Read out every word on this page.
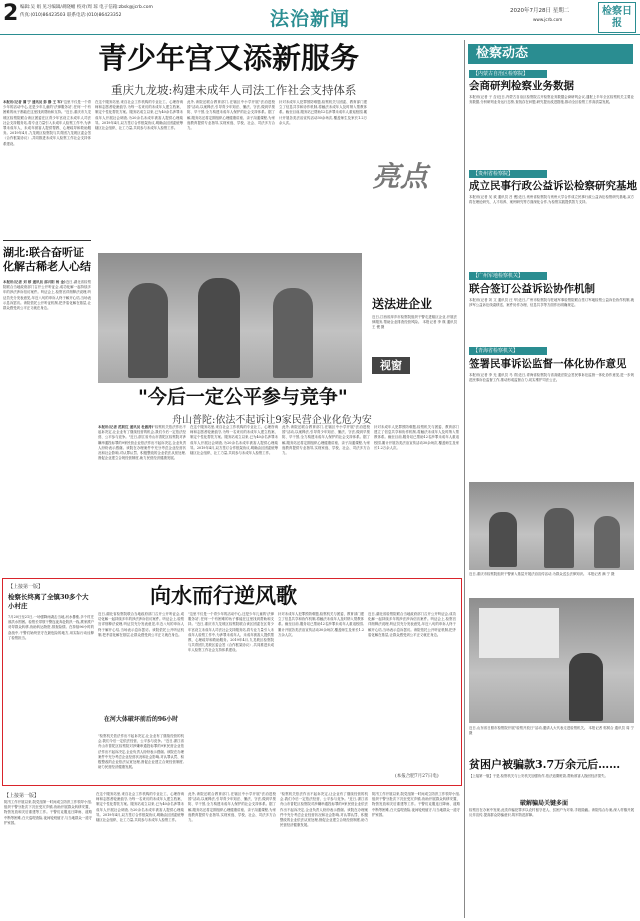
2 编辑:吴 娟 见习编辑/胡晓嵋 校对/周 琼 电子信箱:zbsk@jcrb.com
传真:(010)86423503 联系电话:(010)86423352	法治新闻	2020年7月28日 星期二
www.jcrb.com
检察日报
青少年宫又添新服务
重庆九龙坡:构建未成年人司法工作社会支持体系
本报讯(记者 满 宁 通讯员 彭 静 王 军)"这里不仅是一个青少年的活动中心,还是少年儿童的'法律服务站',任何一个有困难的孩子都能在这里找到帮助和支持。"近日,重庆市九龙坡区检察院联合该区团委在区青少年宫设立未成年人司法社会支持服务站,将专业力量引入未成年人检察工作中,为涉罪未成年人、未成年被害人提供帮教、心理疏导和救助服务。2019年4月,九龙坡区检察院与共青团九龙坡区委会签《合作框架协议》,共同推进未成年人检察工作社会支持体系建设。
在这个服务站里,来自社会工作机构的专业社工、心理咨询师和志愿者轮流值守,为每一名来访的未成年人建立档案、制定个性化帮扶方案。服务站成立以来,已为40余名涉罪未成年人开展社会调查,为20余名未成年被害人提供心理疏导。2019年4月,双方签订合作框架协议,明确由区团委统筹辖区社会组织、社工力量,共同参与未成年人检察工作。
此外,该院还联合教育部门,在辖区中小学开展"法治进校园"活动,以案释法,引导青少年知法、懂法、守法,做到早预防、早干预,全力构建未成年人保护的社会支持体系。据了解,服务站还将定期组织心理健康讲座、亲子沟通课程,为家庭教育提供专业指导,实现家庭、学校、社会、司法多方合力。
针对未成年人犯罪预防难题,检察机关与团委、教育部门建立了信息共享和协作机制,将触法未成年人及时纳入帮教体系。截至目前,服务站已帮助12名涉罪未成年人重返校园,累计开展各类法治宣传活动30余场次,覆盖师生及家长1.2万余人次。
亮点
湖北:联合奋听证化解古稀老人心结
本报讯(记者 刘 婷 通讯员 邵兴阳 杨 金)近日,湖北省检察院联合当地政府部门召开公开听证会,成功化解一起持续多年的涉法涉诉信访案件。听证会上,检察官详细释法说理,听证员充分发表意见,年近八旬的申诉人终于解开心结,当场表示息诉罢访。该院依托公开听证机制,把矛盾化解在基层,让群众感受到公平正义就在身边。	送法进企业
近日,江西省萍乡市检察院组织干警走进辖区企业,开展法律服务,帮助企业排查经营风险。 本报记者 李 瑛 通讯员 王 俊 摄
视窗
"今后一定公平参与竞争"
舟山普陀:依法不起诉让9家民营企业化危为安
本报讯(记者 范跃红 通讯员 杜毅涛)"检察机关依法作出不起诉决定,让企业有了继续经营的机会,我们今后一定依法经营、公平参与竞争。"近日,浙江省舟山市普陀区检察院对涉嫌串通投标罪的9家民营企业依法作出不起诉决定,企业负责人纷纷表示感谢。该院在办理案件中充分考虑企业经营状况和社会影响,对认罪认罚、积极整改的企业依法从宽处理,督促企业建立合规经营制度,助力民营经济健康发展。
在这个服务站里,来自社会工作机构的专业社工、心理咨询师和志愿者轮流值守,为每一名来访的未成年人建立档案、制定个性化帮扶方案。服务站成立以来,已为40余名涉罪未成年人开展社会调查,为20余名未成年被害人提供心理疏导。2019年4月,双方签订合作框架协议,明确由区团委统筹辖区社会组织、社工力量,共同参与未成年人检察工作。
此外,该院还联合教育部门,在辖区中小学开展"法治进校园"活动,以案释法,引导青少年知法、懂法、守法,做到早预防、早干预,全力构建未成年人保护的社会支持体系。据了解,服务站还将定期组织心理健康讲座、亲子沟通课程,为家庭教育提供专业指导,实现家庭、学校、社会、司法多方合力。
针对未成年人犯罪预防难题,检察机关与团委、教育部门建立了信息共享和协作机制,将触法未成年人及时纳入帮教体系。截至目前,服务站已帮助12名涉罪未成年人重返校园,累计开展各类法治宣传活动30余场次,覆盖师生及家长1.2万余人次。
【上接第一版】
检察长终离了全镇30多个大小村庄	向水而行逆风歌
7月20日至21日,一场强降雨袭击当地,河水暴涨,多个村庄被洪水围困。检察长带领干警连夜奔赴防汛一线,挨家挨户劝导群众转移,协助转运物资,排查险情。在持续96小时的奋战中,干警们始终坚守在最危险的地方,用实际行动诠释了检察担当。
近日,湖北省检察院联合当地政府部门召开公开听证会,成功化解一起持续多年的涉法涉诉信访案件。听证会上,检察官详细释法说理,听证员充分发表意见,年近八旬的申诉人终于解开心结,当场表示息诉罢访。该院依托公开听证机制,把矛盾化解在基层,让群众感受到公平正义就在身边。
在河大体破坏前后的96小时
"检察机关依法作出不起诉决定,让企业有了继续经营的机会,我们今后一定依法经营、公平参与竞争。"近日,浙江省舟山市普陀区检察院对涉嫌串通投标罪的9家民营企业依法作出不起诉决定,企业负责人纷纷表示感谢。该院在办理案件中充分考虑企业经营状况和社会影响,对认罪认罚、积极整改的企业依法从宽处理,督促企业建立合规经营制度,助力民营经济健康发展。
"这里不仅是一个青少年的活动中心,还是少年儿童的'法律服务站',任何一个有困难的孩子都能在这里找到帮助和支持。"近日,重庆市九龙坡区检察院联合该区团委在区青少年宫设立未成年人司法社会支持服务站,将专业力量引入未成年人检察工作中,为涉罪未成年人、未成年被害人提供帮教、心理疏导和救助服务。2019年4月,九龙坡区检察院与共青团九龙坡区委会签《合作框架协议》,共同推进未成年人检察工作社会支持体系建设。
针对未成年人犯罪预防难题,检察机关与团委、教育部门建立了信息共享和协作机制,将触法未成年人及时纳入帮教体系。截至目前,服务站已帮助12名涉罪未成年人重返校园,累计开展各类法治宣传活动30余场次,覆盖师生及家长1.2万余人次。
近日,湖北省检察院联合当地政府部门召开公开听证会,成功化解一起持续多年的涉法涉诉信访案件。听证会上,检察官详细释法说理,听证员充分发表意见,年近八旬的申诉人终于解开心结,当场表示息诉罢访。该院依托公开听证机制,把矛盾化解在基层,让群众感受到公平正义就在身边。
(本报合肥7月27日电)
【上接第一版】
防汛工作开展以来,院党组第一时间成立防汛工作领导小组,组织干警分批次下沉至受灾乡镇,协助开展群众转移安置、物资发放和灾后重建等工作。干警们克服连日降雨、道路中断等困难,白天巡堤查险,夜间轮班值守,与当地群众一道守护家园。
在这个服务站里,来自社会工作机构的专业社工、心理咨询师和志愿者轮流值守,为每一名来访的未成年人建立档案、制定个性化帮扶方案。服务站成立以来,已为40余名涉罪未成年人开展社会调查,为20余名未成年被害人提供心理疏导。2019年4月,双方签订合作框架协议,明确由区团委统筹辖区社会组织、社工力量,共同参与未成年人检察工作。
此外,该院还联合教育部门,在辖区中小学开展"法治进校园"活动,以案释法,引导青少年知法、懂法、守法,做到早预防、早干预,全力构建未成年人保护的社会支持体系。据了解,服务站还将定期组织心理健康讲座、亲子沟通课程,为家庭教育提供专业指导,实现家庭、学校、社会、司法多方合力。
"检察机关依法作出不起诉决定,让企业有了继续经营的机会,我们今后一定依法经营、公平参与竞争。"近日,浙江省舟山市普陀区检察院对涉嫌串通投标罪的9家民营企业依法作出不起诉决定,企业负责人纷纷表示感谢。该院在办理案件中充分考虑企业经营状况和社会影响,对认罪认罚、积极整改的企业依法从宽处理,督促企业建立合规经营制度,助力民营经济健康发展。
防汛工作开展以来,院党组第一时间成立防汛工作领导小组,组织干警分批次下沉至受灾乡镇,协助开展群众转移安置、物资发放和灾后重建等工作。干警们克服连日降雨、道路中断等困难,白天巡堤查险,夜间轮班值守,与当地群众一道守护家园。
检察动态
【内蒙古自治区检察院】
会商研判检察业务数据
本报讯(记者 子 含)近日,内蒙古自治区检察院召开检察业务数据会商研判会议,通报上半年全区检察机关主要业务数据,分析研判业务运行态势,查找存在问题,研究提出改进措施,推动全区检察工作高质量发展。
【贵州省检察院】
成立民事行政公益诉讼检察研究基地
本报讯(记者 吴 欢 通讯员 吕 俊)近日,贵州省检察院与贵州大学合作成立民事行政公益诉讼检察研究基地,双方将在理论研究、人才培养、案例研究等方面深化合作,为检察实践提供智力支持。
【广州军地检察机关】
联合签订公益诉讼协作机制
本报讯(记者 刘 文 通讯员 汪 华)近日,广州市检察院与驻地军事检察院联合签订军地检察公益诉讼协作机制,就涉军公益诉讼线索移送、案件协作办理、信息共享等方面作出明确规定。
【青海省检察机关】
签署民事诉讼监督一体化协作意见
本报讯(记者 李 光 通讯员 马 青)近日,青海省检察院与省高级法院会签民事诉讼监督一体化协作意见,进一步规范民事诉讼监督工作,推动形成监督合力,切实维护司法公正。
近日,重庆市检察院组织干警深入基层开展法治宣传活动,为群众送去法律知识。 本报记者 满 宁 摄
近日,山东省日照市检察院开展"检察开放日"活动,邀请人大代表走进检察机关。 本报记者 郭树合 通讯员 周 宁 摄
贫困户被骗款3.7万余元后……
【上接第一版】于是,检察机关与公安机关加强协作,依法追缴赃款,帮助被害人挽回经济损失。
破解骗局关键多面
检察官在办案中发现,此类诈骗犯罪多以农村留守老人、贫困户为对象,手段隐蔽。该院结合办案,深入村镇开展反诈宣传,提高群众防骗意识,筑牢防范屏障。
